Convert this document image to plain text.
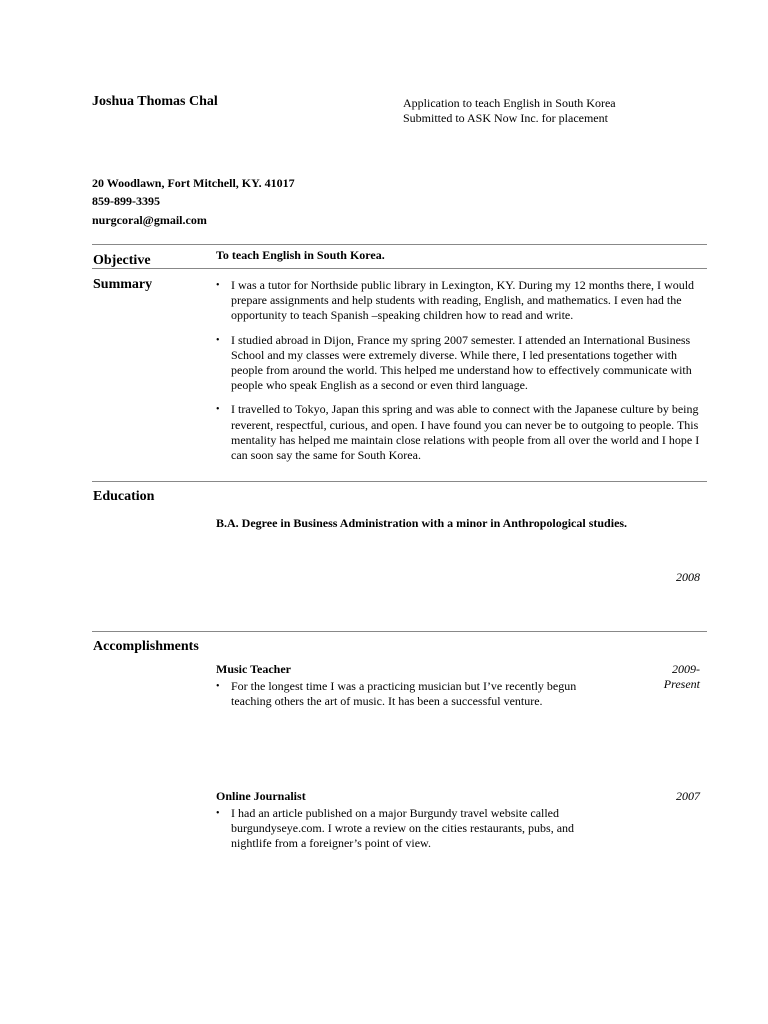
Joshua Thomas Chal	Application to teach English in South Korea
Submitted to ASK Now Inc. for placement
20 Woodlawn, Fort Mitchell, KY. 41017
859-899-3395
nurgcoral@gmail.com
Objective	To teach English in South Korea.
Summary
•	I was a tutor for Northside public library in Lexington, KY. During my 12 months there, I would prepare assignments and help students with reading, English, and mathematics. I even had the opportunity to teach Spanish –speaking children how to read and write.
• I studied abroad in Dijon, France my spring 2007 semester. I attended an International Business School and my classes were extremely diverse. While there, I led presentations together with people from around the world. This helped me understand how to effectively communicate with people who speak English as a second or even third language.
• I travelled to Tokyo, Japan this spring and was able to connect with the Japanese culture by being reverent, respectful, curious, and open. I have found you can never be to outgoing to people. This mentality has helped me maintain close relations with people from all over the world and I hope I can soon say the same for South Korea.
Education
B.A. Degree in Business Administration with a minor in Anthropological studies.
2008
Accomplishments
Music Teacher	2009-
Present
• For the longest time I was a practicing musician but I’ve recently begun teaching others the art of music. It has been a successful venture.
Online Journalist	2007
• I had an article published on a major Burgundy travel website called burgundyseye.com. I wrote a review on the cities restaurants, pubs, and nightlife from a foreigner’s point of view.
